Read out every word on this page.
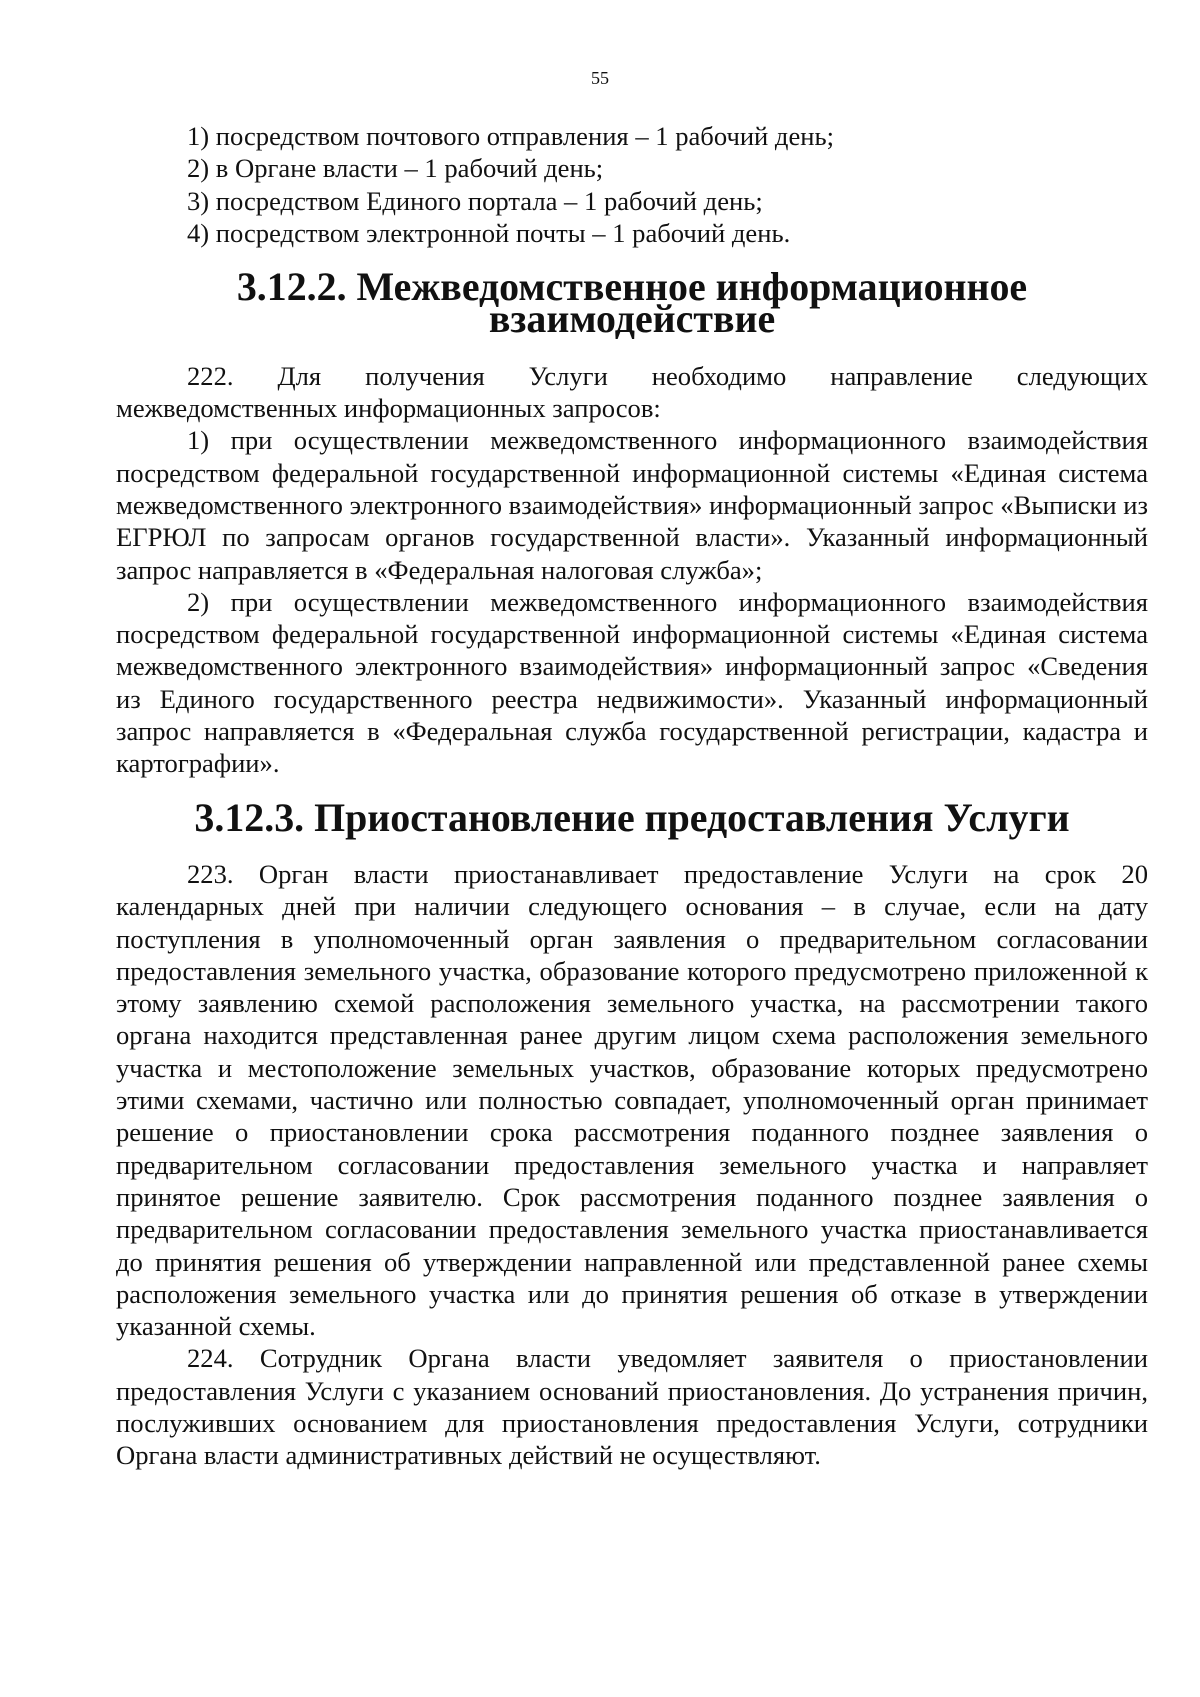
55

1) посредством почтового отправления – 1 рабочий день;

2) в Органе власти – 1 рабочий день;

3) посредством Единого портала – 1 рабочий день;

4) посредством электронной почты – 1 рабочий день.

3.12.2. Межведомственное информационное взаимодействие

222. Для получения Услуги необходимо направление следующих межведомственных информационных запросов:

1) при осуществлении межведомственного информационного взаимодействия посредством федеральной государственной информационной системы «Единая система межведомственного электронного взаимодействия» информационный запрос «Выписки из ЕГРЮЛ по запросам органов государственной власти». Указанный информационный запрос направляется в «Федеральная налоговая служба»;

2) при осуществлении межведомственного информационного взаимодействия посредством федеральной государственной информационной системы «Единая система межведомственного электронного взаимодействия» информационный запрос «Сведения из Единого государственного реестра недвижимости». Указанный информационный запрос направляется в «Федеральная служба государственной регистрации, кадастра и картографии».

3.12.3. Приостановление предоставления Услуги

223. Орган власти приостанавливает предоставление Услуги на срок 20 календарных дней при наличии следующего основания – в случае, если на дату поступления в уполномоченный орган заявления о предварительном согласовании предоставления земельного участка, образование которого предусмотрено приложенной к этому заявлению схемой расположения земельного участка, на рассмотрении такого органа находится представленная ранее другим лицом схема расположения земельного участка и местоположение земельных участков, образование которых предусмотрено этими схемами, частично или полностью совпадает, уполномоченный орган принимает решение о приостановлении срока рассмотрения поданного позднее заявления о предварительном согласовании предоставления земельного участка и направляет принятое решение заявителю. Срок рассмотрения поданного позднее заявления о предварительном согласовании предоставления земельного участка приостанавливается до принятия решения об утверждении направленной или представленной ранее схемы расположения земельного участка или до принятия решения об отказе в утверждении указанной схемы.

224. Сотрудник Органа власти уведомляет заявителя о приостановлении предоставления Услуги с указанием оснований приостановления. До устранения причин, послуживших основанием для приостановления предоставления Услуги, сотрудники Органа власти административных действий не осуществляют.
